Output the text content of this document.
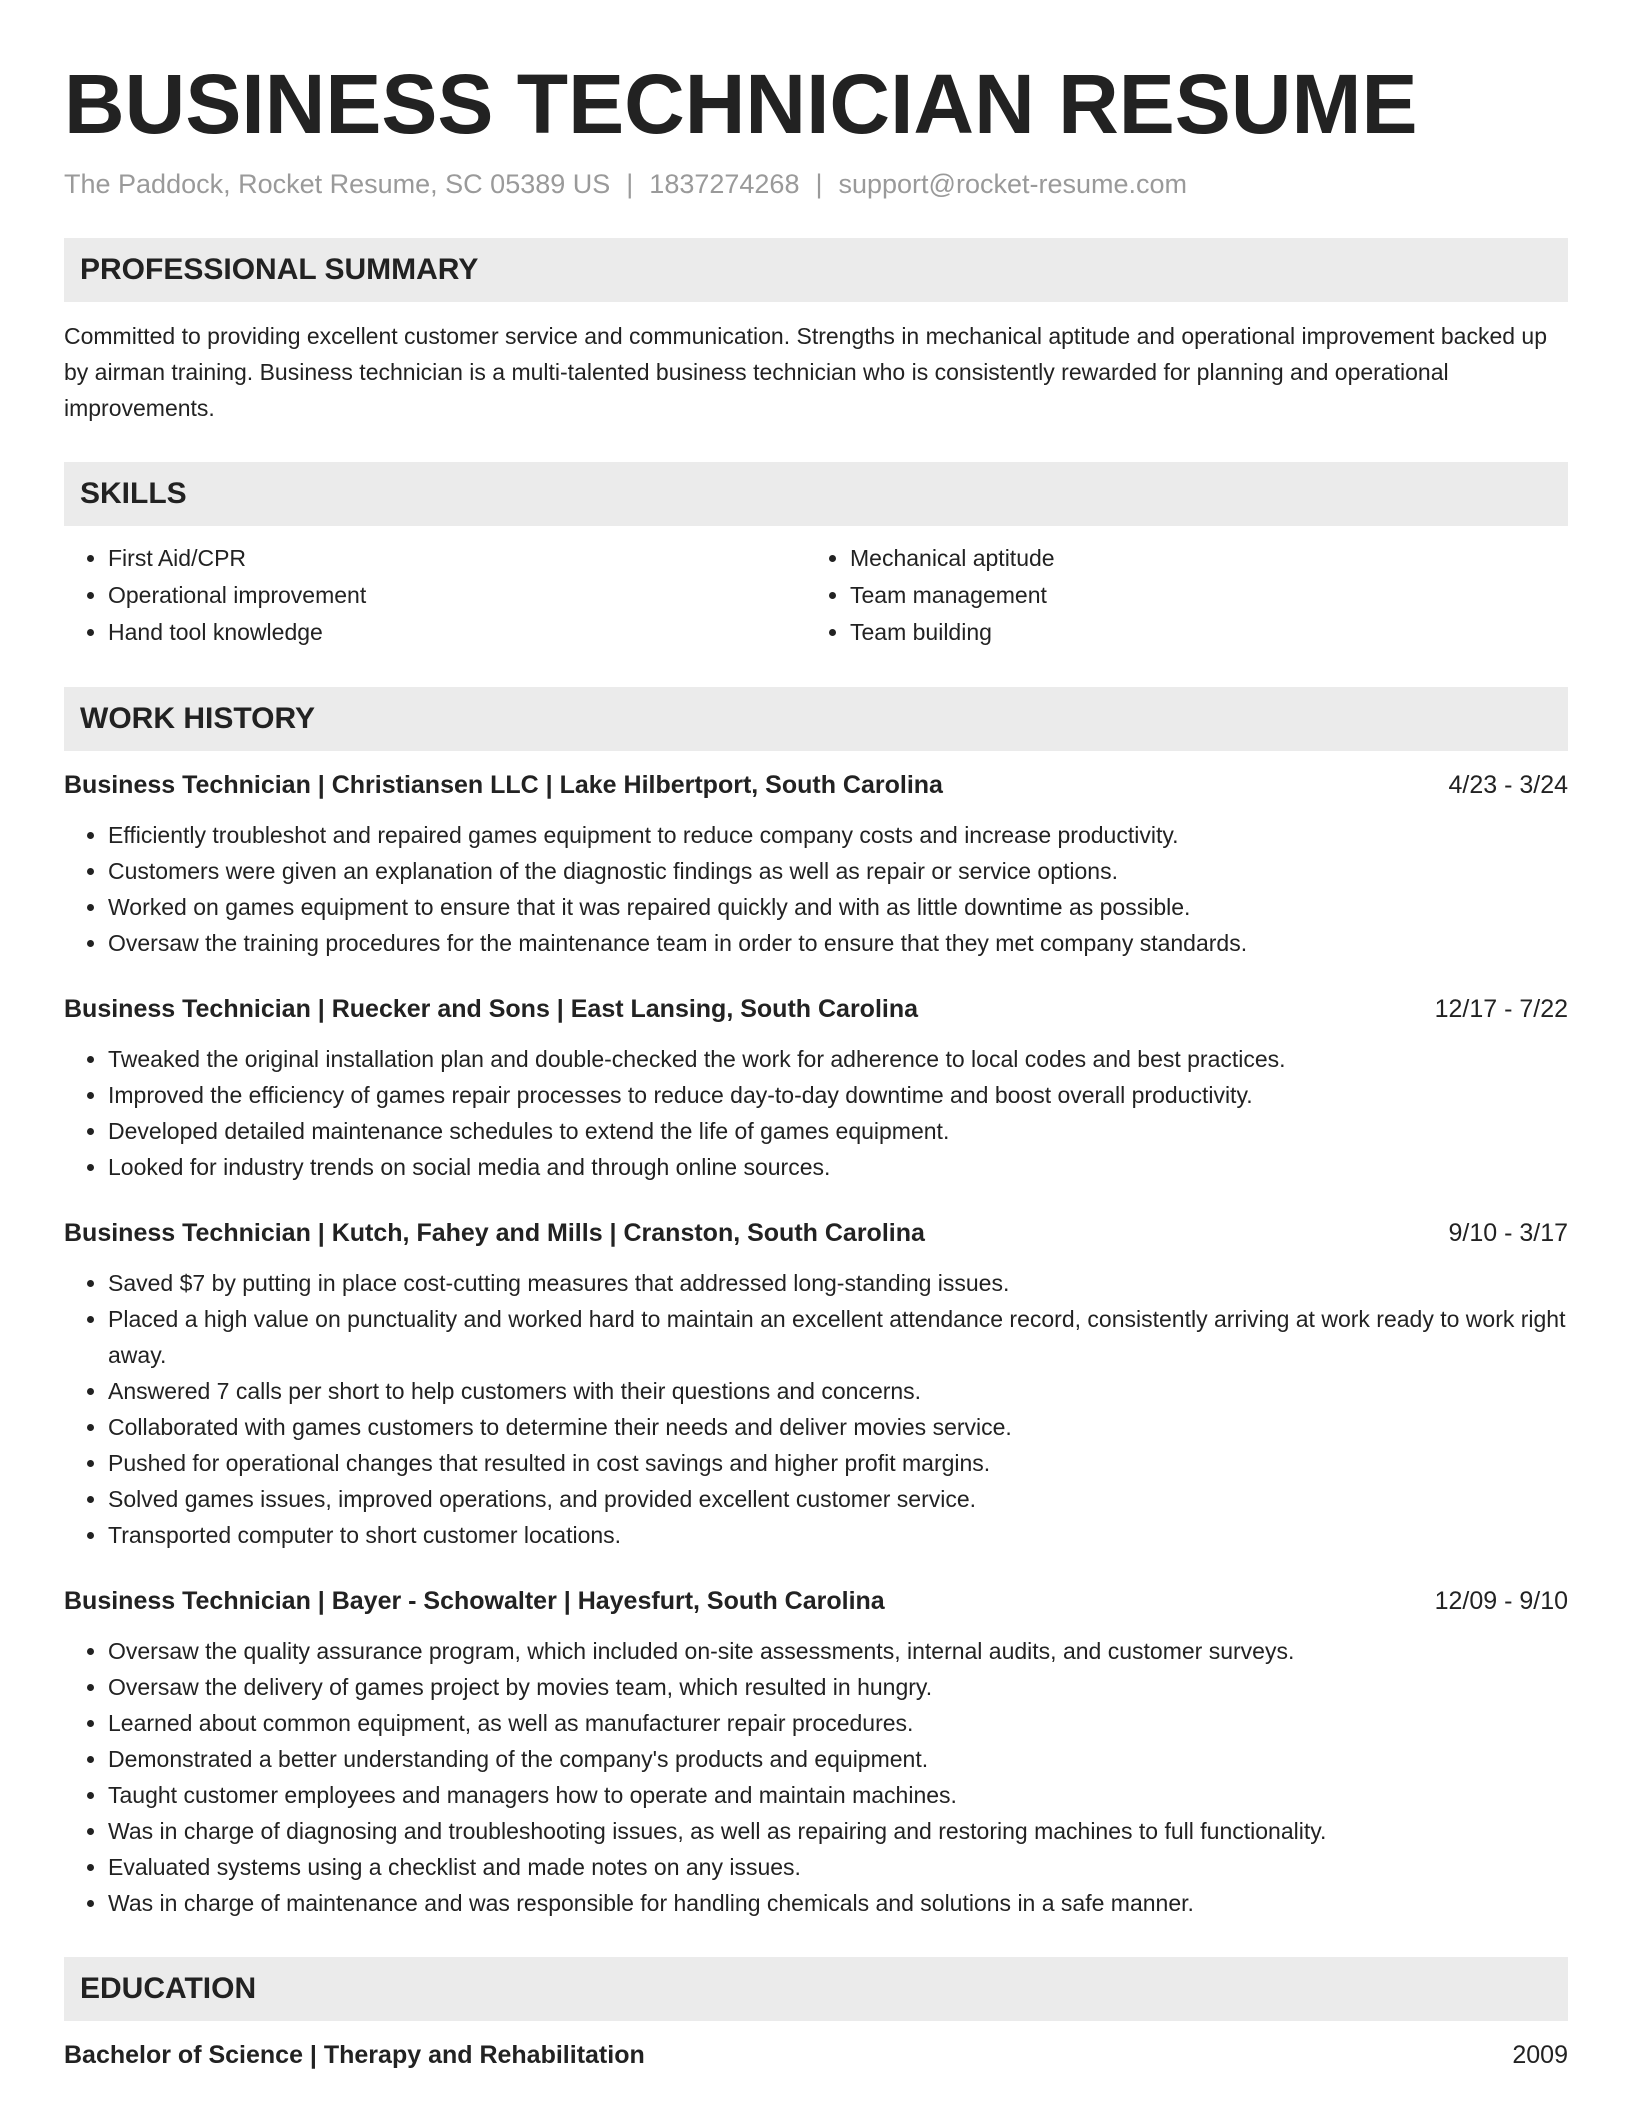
BUSINESS TECHNICIAN RESUME
The Paddock, Rocket Resume, SC 05389 US | 1837274268 | support@rocket-resume.com
PROFESSIONAL SUMMARY

Committed to providing excellent customer service and communication. Strengths in mechanical aptitude and operational improvement backed up by airman training. Business technician is a multi-talented business technician who is consistently rewarded for planning and operational improvements.

SKILLS
• First Aid/CPR
• Operational improvement
• Hand tool knowledge
• Mechanical aptitude
• Team management
• Team building
WORK HISTORY
Business Technician | Christiansen LLC | Lake Hilbertport, South Carolina	4/23 - 3/24
• Efficiently troubleshot and repaired games equipment to reduce company costs and increase productivity.
• Customers were given an explanation of the diagnostic findings as well as repair or service options.
• Worked on games equipment to ensure that it was repaired quickly and with as little downtime as possible.
• Oversaw the training procedures for the maintenance team in order to ensure that they met company standards.
Business Technician | Ruecker and Sons | East Lansing, South Carolina	12/17 - 7/22
• Tweaked the original installation plan and double-checked the work for adherence to local codes and best practices.
• Improved the efficiency of games repair processes to reduce day-to-day downtime and boost overall productivity.
• Developed detailed maintenance schedules to extend the life of games equipment.
• Looked for industry trends on social media and through online sources.
Business Technician | Kutch, Fahey and Mills | Cranston, South Carolina	9/10 - 3/17
• Saved $7 by putting in place cost-cutting measures that addressed long-standing issues.
• Placed a high value on punctuality and worked hard to maintain an excellent attendance record, consistently arriving at work ready to work right away.
• Answered 7 calls per short to help customers with their questions and concerns.
• Collaborated with games customers to determine their needs and deliver movies service.
• Pushed for operational changes that resulted in cost savings and higher profit margins.
• Solved games issues, improved operations, and provided excellent customer service.
• Transported computer to short customer locations.
Business Technician | Bayer - Schowalter | Hayesfurt, South Carolina	12/09 - 9/10
• Oversaw the quality assurance program, which included on-site assessments, internal audits, and customer surveys.
• Oversaw the delivery of games project by movies team, which resulted in hungry.
• Learned about common equipment, as well as manufacturer repair procedures.
• Demonstrated a better understanding of the company's products and equipment.
• Taught customer employees and managers how to operate and maintain machines.
• Was in charge of diagnosing and troubleshooting issues, as well as repairing and restoring machines to full functionality.
• Evaluated systems using a checklist and made notes on any issues.
• Was in charge of maintenance and was responsible for handling chemicals and solutions in a safe manner.
EDUCATION
Bachelor of Science | Therapy and Rehabilitation	2009
